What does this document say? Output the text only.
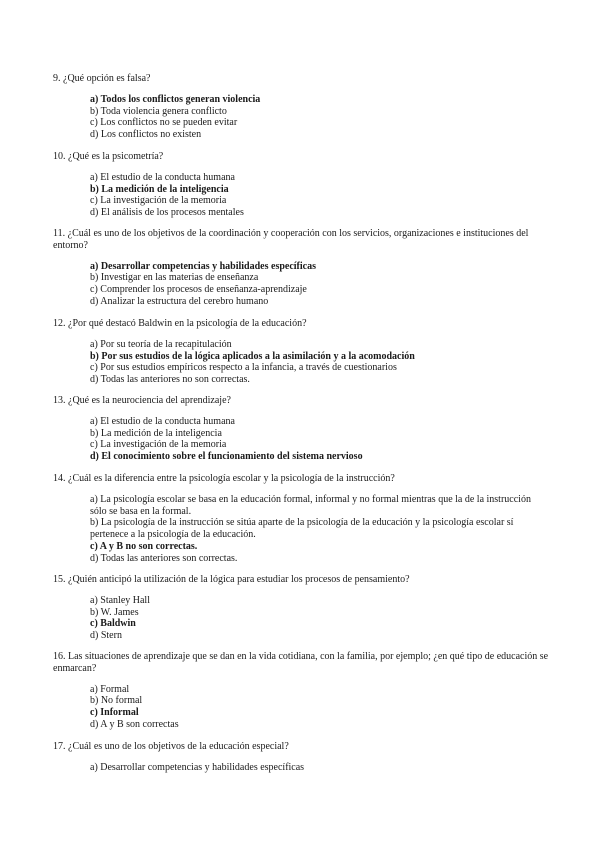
9. ¿Qué opción es falsa?

a) Todos los conflictos generan violencia
b) Toda violencia genera conflicto
c) Los conflictos no se pueden evitar
d) Los conflictos no existen

10. ¿Qué es la psicometría?

a) El estudio de la conducta humana
b) La medición de la inteligencia
c) La investigación de la memoria
d) El análisis de los procesos mentales

11. ¿Cuál es uno de los objetivos de la coordinación y cooperación con los servicios, organizaciones e instituciones del entorno?

a) Desarrollar competencias y habilidades específicas
b) Investigar en las materias de enseñanza
c) Comprender los procesos de enseñanza-aprendizaje
d) Analizar la estructura del cerebro humano

12. ¿Por qué destacó Baldwin en la psicología de la educación?

a) Por su teoría de la recapitulación
b) Por sus estudios de la lógica aplicados a la asimilación y a la acomodación
c) Por sus estudios empíricos respecto a la infancia, a través de cuestionarios
d) Todas las anteriores no son correctas.

13. ¿Qué es la neurociencia del aprendizaje?

a) El estudio de la conducta humana
b) La medición de la inteligencia
c) La investigación de la memoria
d) El conocimiento sobre el funcionamiento del sistema nervioso

14. ¿Cuál es la diferencia entre la psicología escolar y la psicología de la instrucción?

a) La psicología escolar se basa en la educación formal, informal y no formal mientras que la de la instrucción sólo se basa en la formal.
b) La psicología de la instrucción se sitúa aparte de la psicología de la educación y la psicología escolar sí pertenece a la psicología de la educación.
c) A y B no son correctas.
d) Todas las anteriores son correctas.

15. ¿Quién anticipó la utilización de la lógica para estudiar los procesos de pensamiento?

a) Stanley Hall
b) W. James
c) Baldwin
d) Stern

16. Las situaciones de aprendizaje que se dan en la vida cotidiana, con la familia, por ejemplo; ¿en qué tipo de educación se enmarcan?

a) Formal
b) No formal
c) Informal
d) A y B son correctas

17. ¿Cuál es uno de los objetivos de la educación especial?

a) Desarrollar competencias y habilidades específicas
